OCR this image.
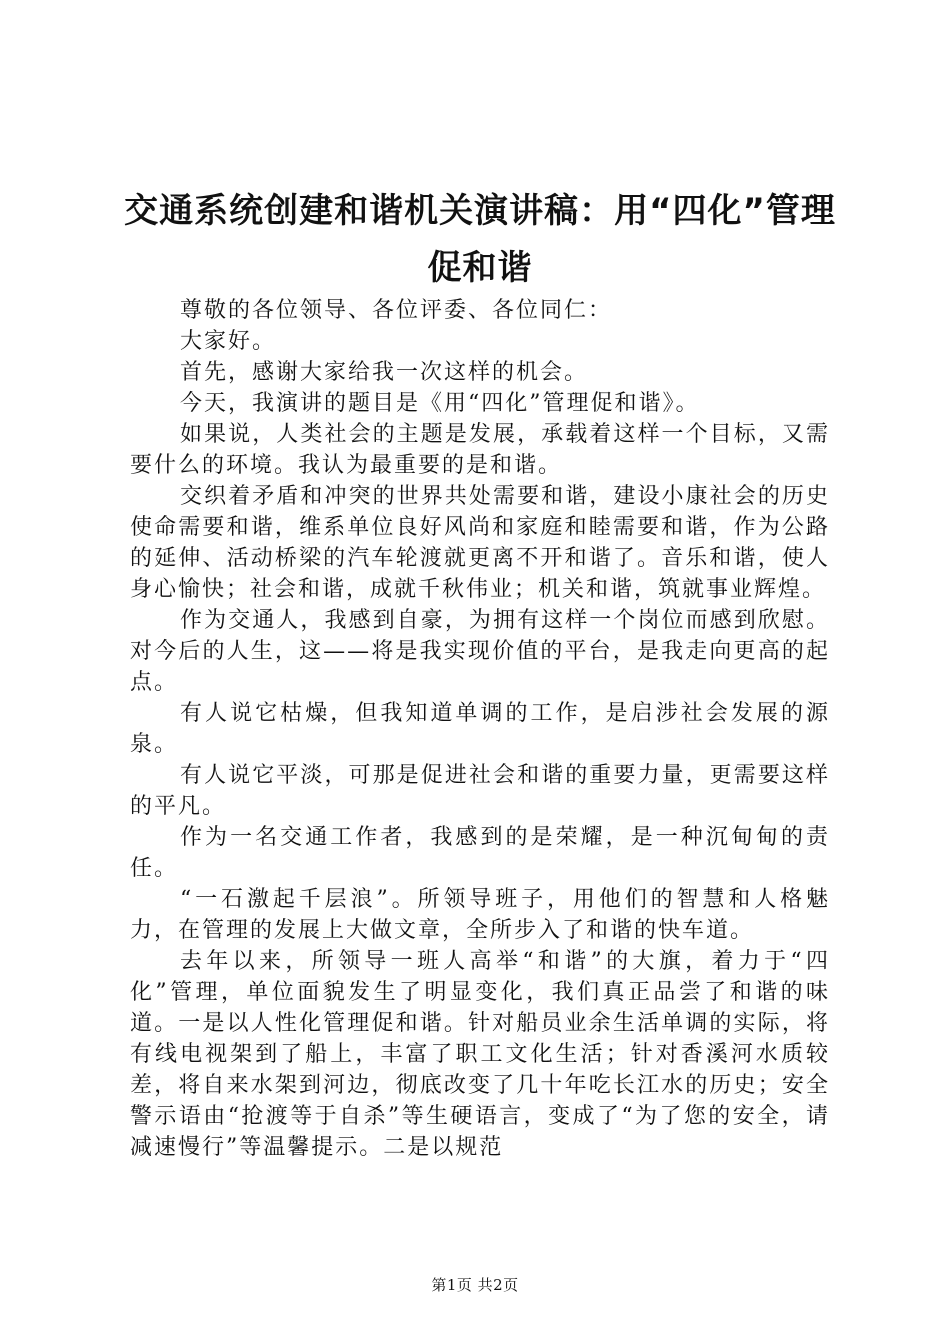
交通系统创建和谐机关演讲稿：用“四化”管理促和谐

尊敬的各位领导、各位评委、各位同仁：

大家好。

首先，感谢大家给我一次这样的机会。

今天，我演讲的题目是《用“四化”管理促和谐》。

如果说，人类社会的主题是发展，承载着这样一个目标，又需要什么的环境。我认为最重要的是和谐。

交织着矛盾和冲突的世界共处需要和谐，建设小康社会的历史使命需要和谐，维系单位良好风尚和家庭和睦需要和谐，作为公路的延伸、活动桥梁的汽车轮渡就更离不开和谐了。音乐和谐，使人身心愉快；社会和谐，成就千秋伟业；机关和谐，筑就事业辉煌。

作为交通人，我感到自豪，为拥有这样一个岗位而感到欣慰。对今后的人生，这——将是我实现价值的平台，是我走向更高的起点。

有人说它枯燥，但我知道单调的工作，是启涉社会发展的源泉。

有人说它平淡，可那是促进社会和谐的重要力量，更需要这样的平凡。

作为一名交通工作者，我感到的是荣耀，是一种沉甸甸的责任。

“一石激起千层浪”。所领导班子，用他们的智慧和人格魅力，在管理的发展上大做文章，全所步入了和谐的快车道。

去年以来，所领导一班人高举“和谐”的大旗，着力于“四化”管理，单位面貌发生了明显变化，我们真正品尝了和谐的味道。一是以人性化管理促和谐。针对船员业余生活单调的实际，将有线电视架到了船上，丰富了职工文化生活；针对香溪河水质较差，将自来水架到河边，彻底改变了几十年吃长江水的历史；安全警示语由“抢渡等于自杀”等生硬语言，变成了“为了您的安全，请减速慢行”等温馨提示。二是以规范

第1页 共2页
